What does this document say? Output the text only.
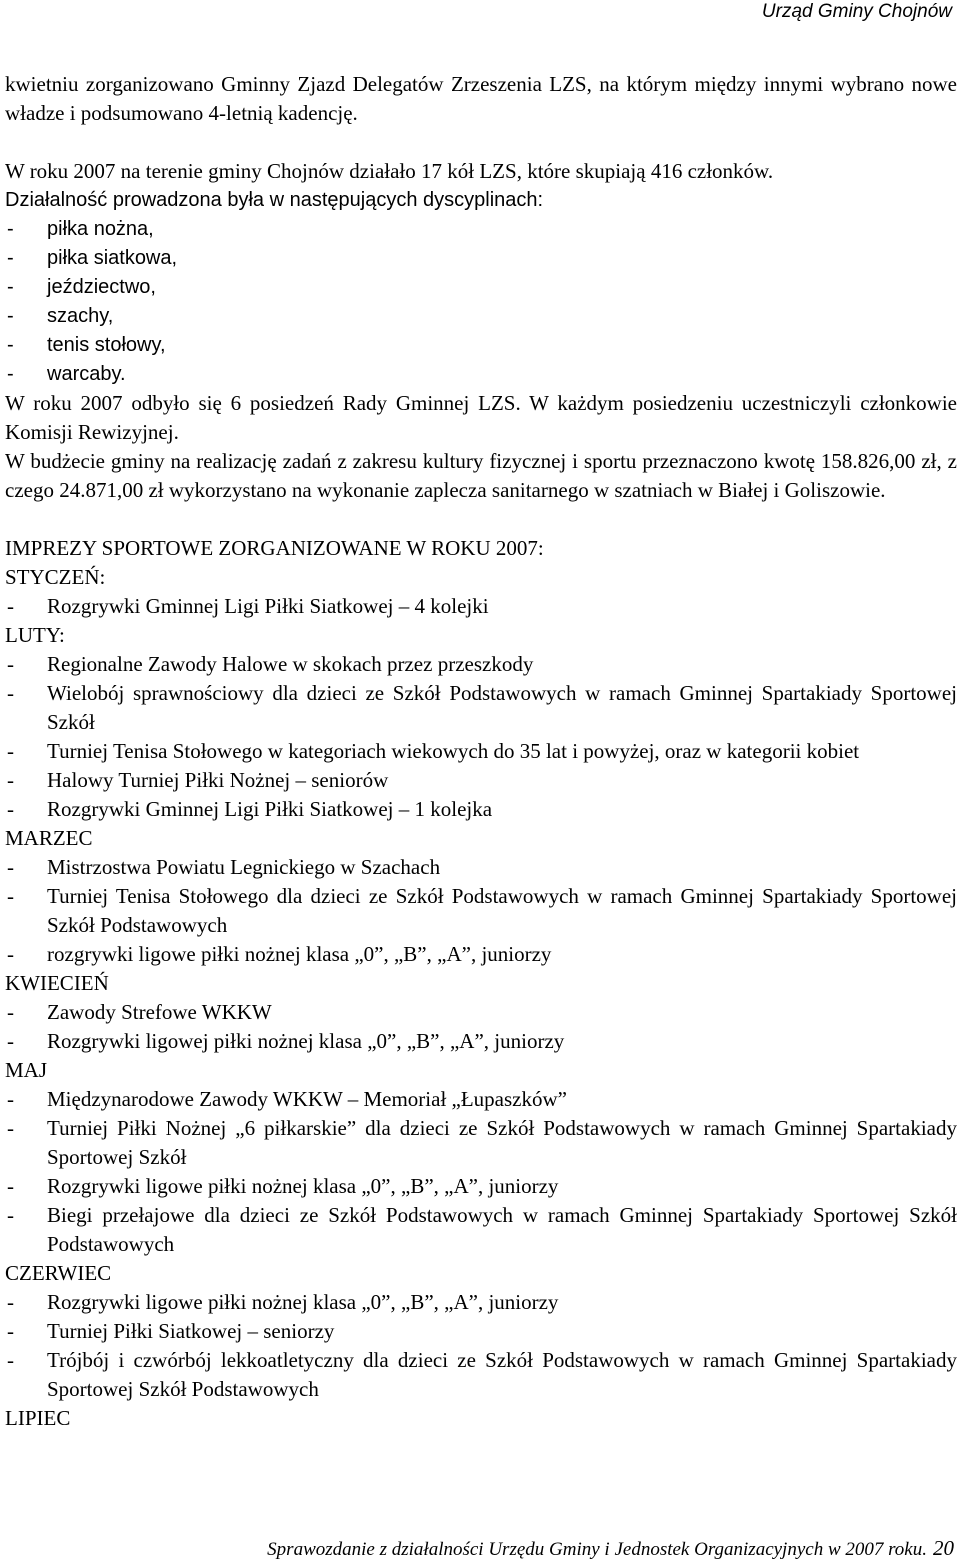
Urząd Gminy Chojnów

kwietniu zorganizowano Gminny Zjazd Delegatów Zrzeszenia LZS, na którym między innymi wybrano nowe władze i podsumowano 4-letnią kadencję.

W roku 2007 na terenie gminy Chojnów działało 17 kół LZS, które skupiają 416 członków.

Działalność prowadzona była w następujących dyscyplinach:

- piłka nożna,
- piłka siatkowa,
- jeździectwo,
- szachy,
- tenis stołowy,
- warcaby.

W roku 2007 odbyło się 6 posiedzeń Rady Gminnej LZS. W każdym posiedzeniu uczestniczyli członkowie Komisji Rewizyjnej.

W budżecie gminy na realizację zadań z zakresu kultury fizycznej i sportu przeznaczono kwotę 158.826,00 zł, z czego 24.871,00 zł wykorzystano na wykonanie zaplecza sanitarnego w szatniach w Białej i Goliszowie.

IMPREZY SPORTOWE ZORGANIZOWANE W ROKU 2007:

STYCZEŃ:

- Rozgrywki Gminnej Ligi Piłki Siatkowej – 4 kolejki

LUTY:

- Regionalne Zawody Halowe w skokach przez przeszkody
- Wielobój sprawnościowy dla dzieci ze Szkół Podstawowych w ramach Gminnej Spartakiady Sportowej Szkół
- Turniej Tenisa Stołowego w kategoriach wiekowych do 35 lat i powyżej, oraz w kategorii kobiet
- Halowy Turniej Piłki Nożnej – seniorów
- Rozgrywki Gminnej Ligi Piłki Siatkowej – 1 kolejka

MARZEC

- Mistrzostwa Powiatu Legnickiego w Szachach
- Turniej Tenisa Stołowego dla dzieci ze Szkół Podstawowych w ramach Gminnej Spartakiady Sportowej Szkół Podstawowych
- rozgrywki ligowe piłki nożnej klasa „0”, „B”, „A”, juniorzy

KWIECIEŃ

- Zawody Strefowe WKKW
- Rozgrywki ligowej piłki nożnej klasa „0”, „B”, „A”, juniorzy

MAJ

- Międzynarodowe Zawody WKKW – Memoriał „Łupaszków”
- Turniej Piłki Nożnej „6 piłkarskie” dla dzieci ze Szkół Podstawowych w ramach Gminnej Spartakiady Sportowej Szkół
- Rozgrywki ligowe piłki nożnej klasa „0”, „B”, „A”, juniorzy
- Biegi przełajowe dla dzieci ze Szkół Podstawowych w ramach Gminnej Spartakiady Sportowej Szkół Podstawowych

CZERWIEC

- Rozgrywki ligowe piłki nożnej klasa „0”, „B”, „A”, juniorzy
- Turniej Piłki Siatkowej – seniorzy
- Trójbój i czwórbój lekkoatletyczny dla dzieci ze Szkół Podstawowych w ramach Gminnej Spartakiady Sportowej Szkół Podstawowych

LIPIEC

Sprawozdanie z działalności Urzędu Gminy i Jednostek Organizacyjnych w 2007 roku. 20
